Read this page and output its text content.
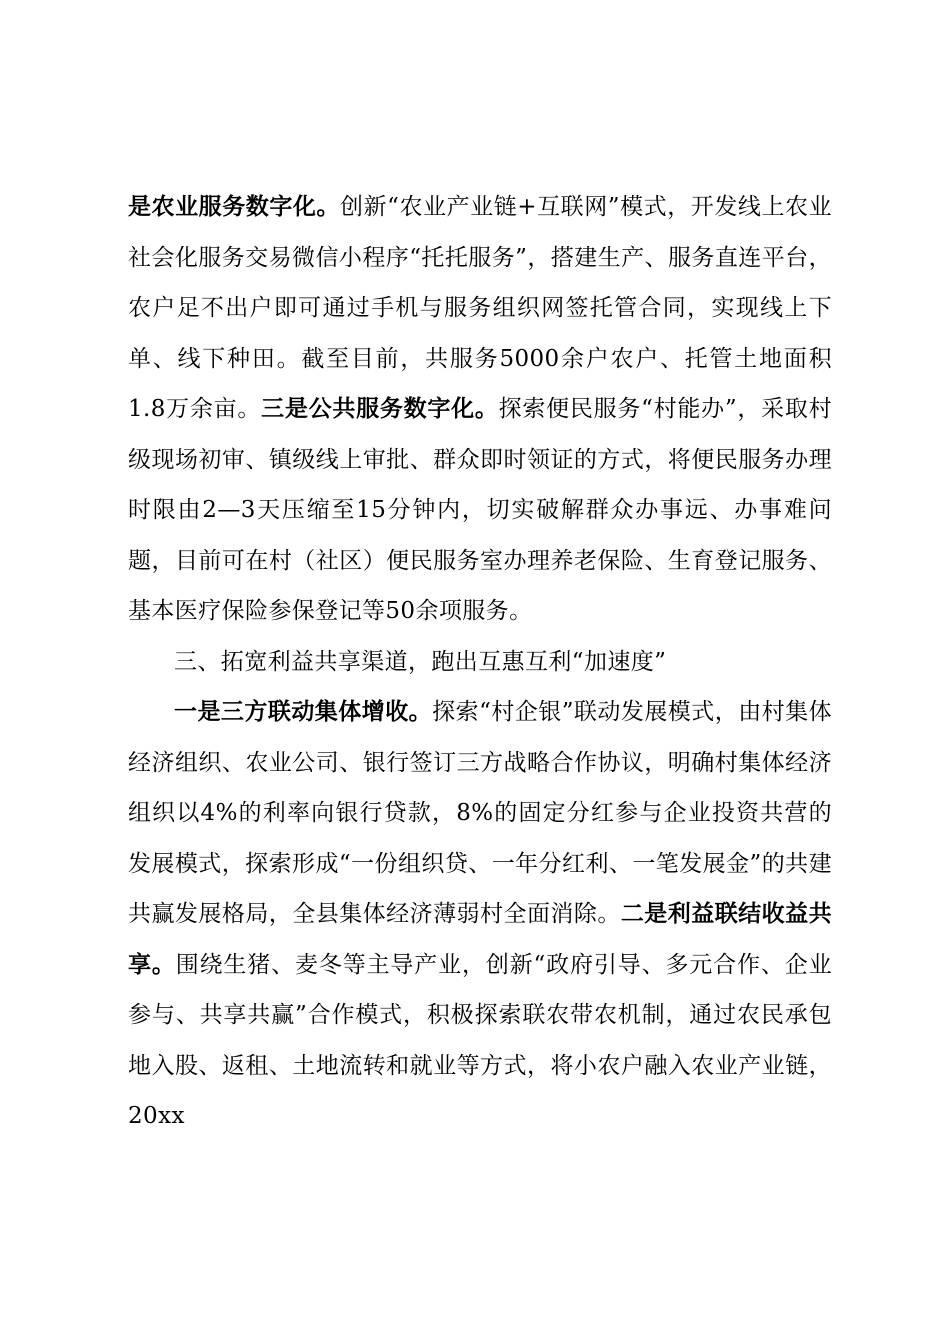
是农业服务数字化。创新“农业产业链+互联网”模式，开发线上农业社会化服务交易微信小程序“托托服务”，搭建生产、服务直连平台，农户足不出户即可通过手机与服务组织网签托管合同，实现线上下单、线下种田。截至目前，共服务5000余户农户、托管土地面积1.8万余亩。三是公共服务数字化。探索便民服务“村能办”，采取村级现场初审、镇级线上审批、群众即时领证的方式，将便民服务办理时限由2—3天压缩至15分钟内，切实破解群众办事远、办事难问题，目前可在村（社区）便民服务室办理养老保险、生育登记服务、基本医疗保险参保登记等50余项服务。

三、拓宽利益共享渠道，跑出互惠互利“加速度”

一是三方联动集体增收。探索“村企银”联动发展模式，由村集体经济组织、农业公司、银行签订三方战略合作协议，明确村集体经济组织以4%的利率向银行贷款，8%的固定分红参与企业投资共营的发展模式，探索形成“一份组织贷、一年分红利、一笔发展金”的共建共赢发展格局，全县集体经济薄弱村全面消除。二是利益联结收益共享。围绕生猪、麦冬等主导产业，创新“政府引导、多元合作、企业参与、共享共赢”合作模式，积极探索联农带农机制，通过农民承包地入股、返租、土地流转和就业等方式，将小农户融入农业产业链，20xx
